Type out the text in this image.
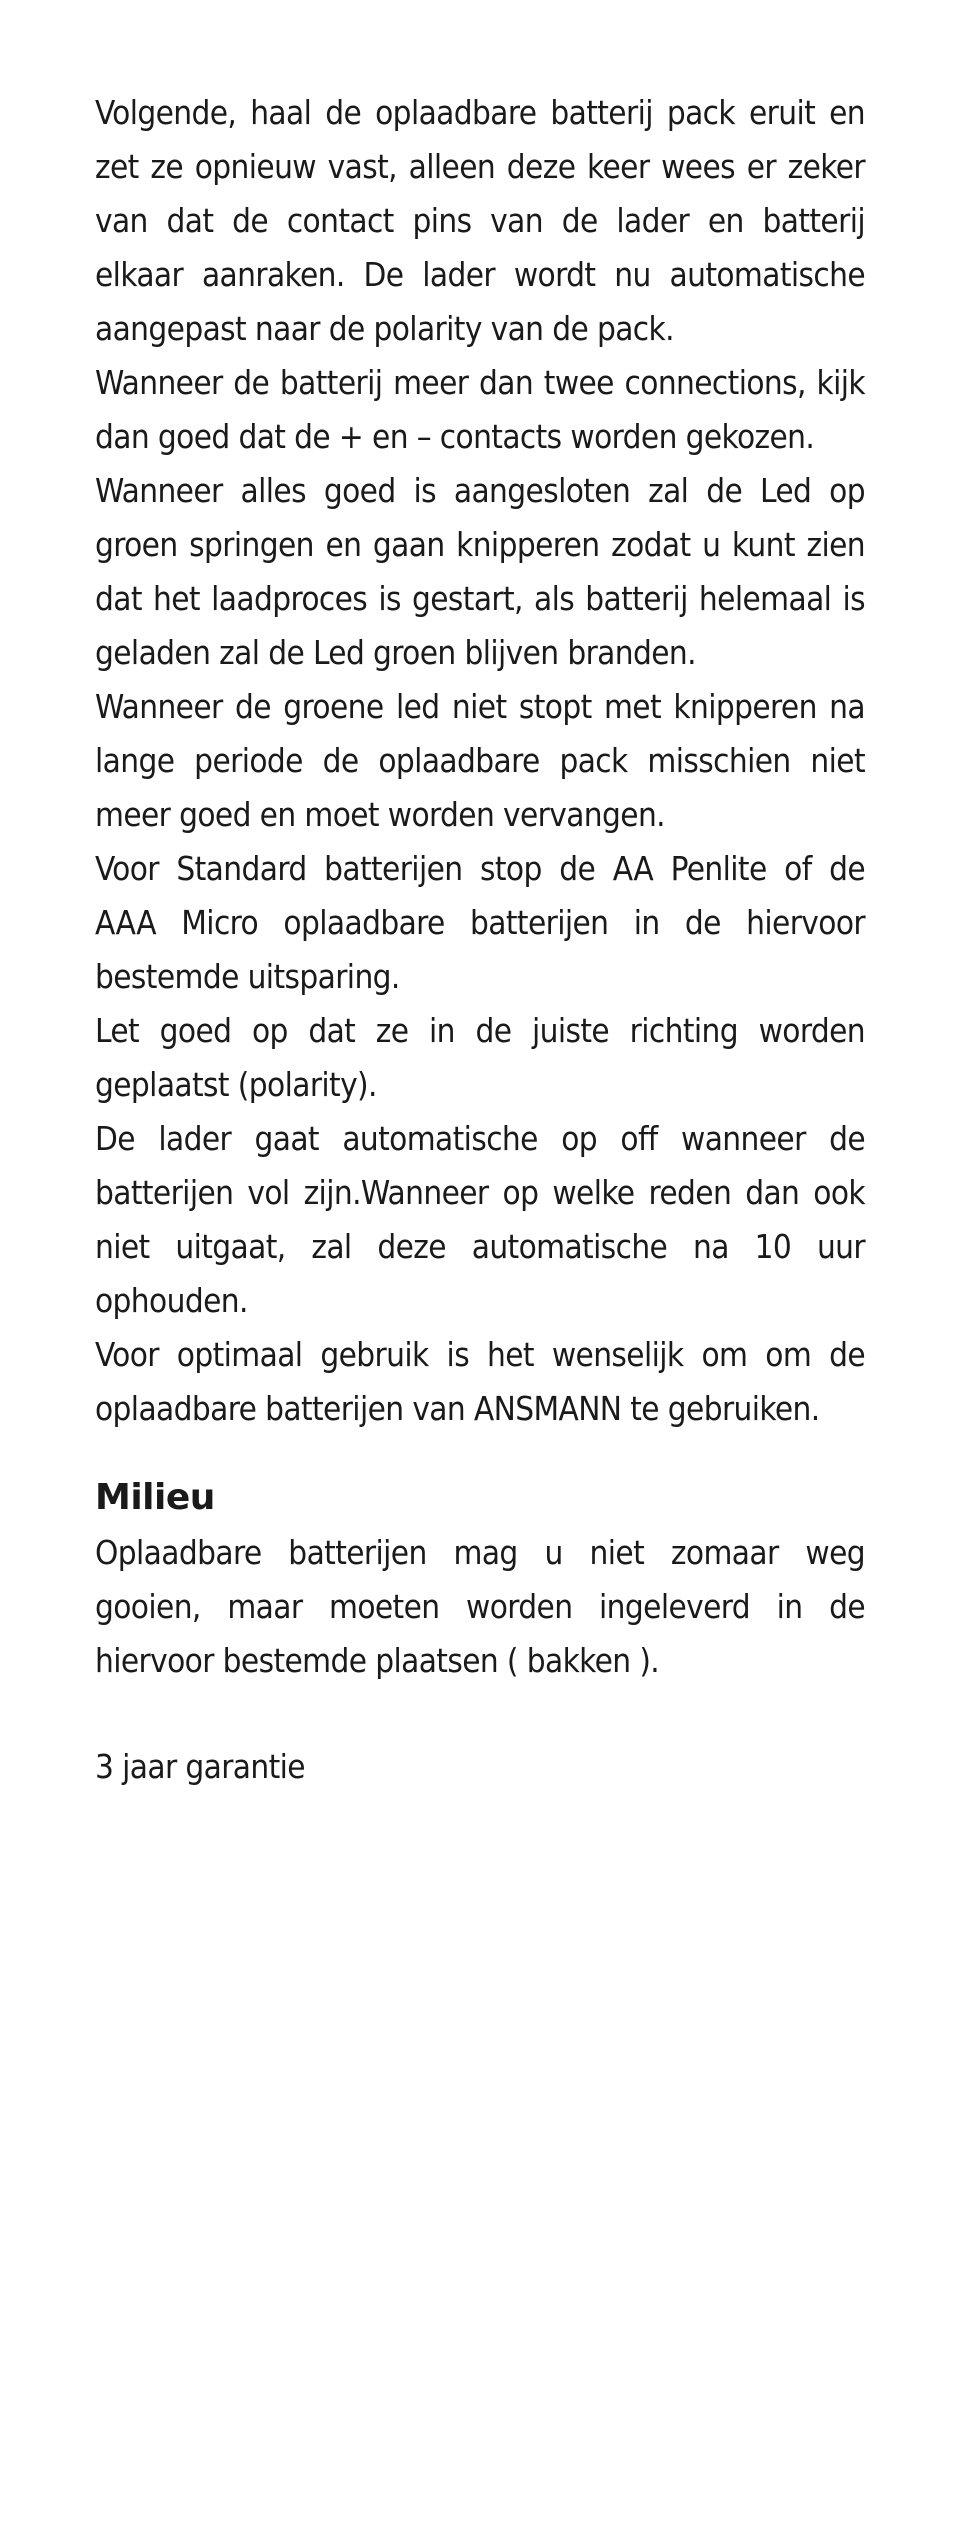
Volgende, haal de oplaadbare batterij pack eruit en zet ze opnieuw vast, alleen deze keer wees er zeker van dat de contact pins van de lader en batterij elkaar aanraken. De lader wordt nu automatische aangepast naar de polarity van de pack.

Wanneer de batterij meer dan twee connections, kijk dan goed dat de + en – contacts worden gekozen.

Wanneer alles goed is aangesloten zal de Led op groen springen en gaan knipperen zodat u kunt zien dat het laadproces is gestart, als batterij helemaal is geladen zal de Led groen blijven branden.

Wanneer de groene led niet stopt met knipperen na lange periode de oplaadbare pack misschien niet meer goed en moet worden vervangen.

Voor Standard batterijen stop de AA Penlite of de AAA Micro oplaadbare batterijen in de hiervoor bestemde uitsparing.

Let goed op dat ze in de juiste richting worden geplaatst (polarity).

De lader gaat automatische op off wanneer de batterijen vol zijn.Wanneer op welke reden dan ook niet uitgaat, zal deze automatische na 10 uur ophouden.

Voor optimaal gebruik is het wenselijk om om de oplaadbare batterijen van ANSMANN te gebruiken.

Milieu

Oplaadbare batterijen mag u niet zomaar weg gooien, maar moeten worden ingeleverd in de hiervoor bestemde plaatsen ( bakken ).

3 jaar garantie
